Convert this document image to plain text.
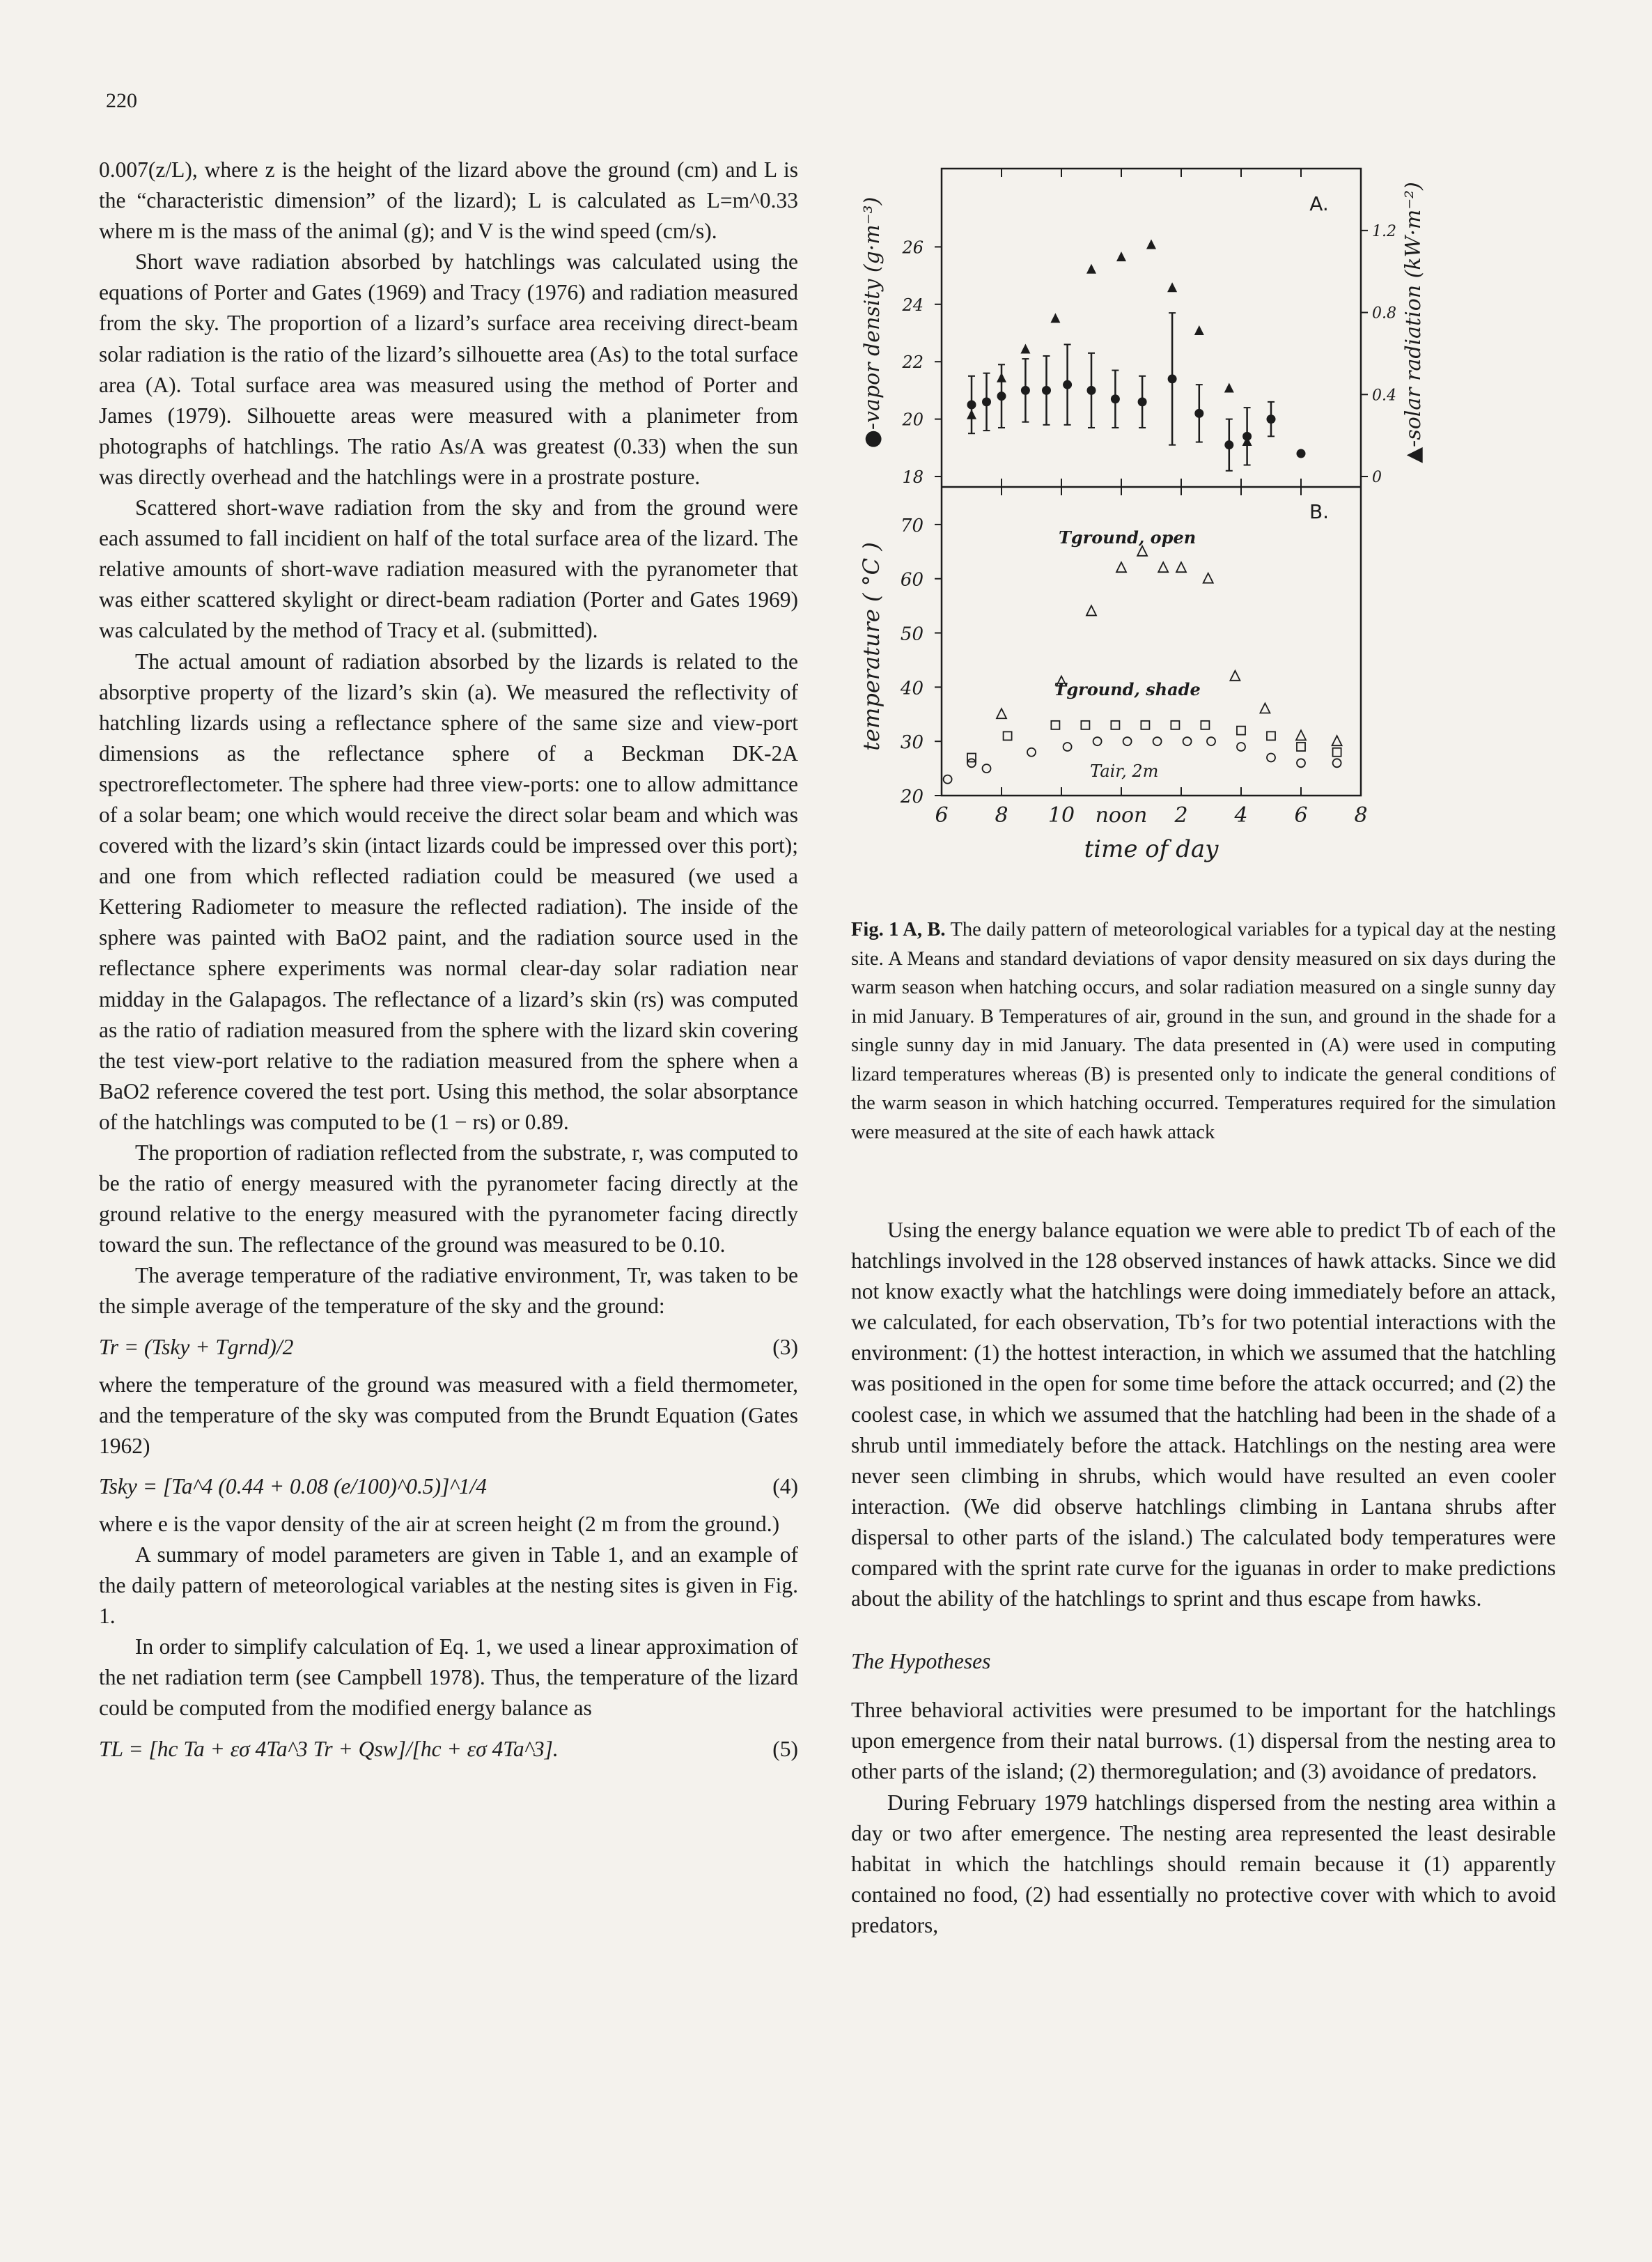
220

0.007(z/L), where z is the height of the lizard above the ground (cm) and L is the “characteristic dimension” of the lizard); L is calculated as L=m^0.33 where m is the mass of the animal (g); and V is the wind speed (cm/s).

Short wave radiation absorbed by hatchlings was calculated using the equations of Porter and Gates (1969) and Tracy (1976) and radiation measured from the sky. The proportion of a lizard’s surface area receiving direct-beam solar radiation is the ratio of the lizard’s silhouette area (As) to the total surface area (A). Total surface area was measured using the method of Porter and James (1979). Silhouette areas were measured with a planimeter from photographs of hatchlings. The ratio As/A was greatest (0.33) when the sun was directly overhead and the hatchlings were in a prostrate posture.

Scattered short-wave radiation from the sky and from the ground were each assumed to fall incidient on half of the total surface area of the lizard. The relative amounts of short-wave radiation measured with the pyranometer that was either scattered skylight or direct-beam radiation (Porter and Gates 1969) was calculated by the method of Tracy et al. (submitted).

The actual amount of radiation absorbed by the lizards is related to the absorptive property of the lizard’s skin (a). We measured the reflectivity of hatchling lizards using a reflectance sphere of the same size and view-port dimensions as the reflectance sphere of a Beckman DK-2A spectroreflectometer. The sphere had three view-ports: one to allow admittance of a solar beam; one which would receive the direct solar beam and which was covered with the lizard’s skin (intact lizards could be impressed over this port); and one from which reflected radiation could be measured (we used a Kettering Radiometer to measure the reflected radiation). The inside of the sphere was painted with BaO2 paint, and the radiation source used in the reflectance sphere experiments was normal clear-day solar radiation near midday in the Galapagos. The reflectance of a lizard’s skin (rs) was computed as the ratio of radiation measured from the sphere with the lizard skin covering the test view-port relative to the radiation measured from the sphere when a BaO2 reference covered the test port. Using this method, the solar absorptance of the hatchlings was computed to be (1 − rs) or 0.89.

The proportion of radiation reflected from the substrate, r, was computed to be the ratio of energy measured with the pyranometer facing directly at the ground relative to the energy measured with the pyranometer facing directly toward the sun. The reflectance of the ground was measured to be 0.10.

The average temperature of the radiative environment, Tr, was taken to be the simple average of the temperature of the sky and the ground:

Tr = (Tsky + Tgrnd)/2	(3)

where the temperature of the ground was measured with a field thermometer, and the temperature of the sky was computed from the Brundt Equation (Gates 1962)

Tsky = [Ta^4 (0.44 + 0.08 (e/100)^0.5)]^1/4	(4)

where e is the vapor density of the air at screen height (2 m from the ground.)

A summary of model parameters are given in Table 1, and an example of the daily pattern of meteorological variables at the nesting sites is given in Fig. 1.

In order to simplify calculation of Eq. 1, we used a linear approximation of the net radiation term (see Campbell 1978). Thus, the temperature of the lizard could be computed from the modified energy balance as

TL = [hc Ta + εσ 4Ta^3 Tr + Qsw]/[hc + εσ 4Ta^3].	(5)
6 8 10 noon 2 4 6 8
time of day
18
20
22
24
26
0
0.4
0.8
1.2
A.
●-vapor density (g·m⁻³)	▲-solar radiation (kW·m⁻²)
20
30
40
50
60
70
B.
temperature ( °C )
Tground, open
Tground, shade
Tair, 2m
Fig. 1 A, B. The daily pattern of meteorological variables for a typical day at the nesting site. A Means and standard deviations of vapor density measured on six days during the warm season when hatching occurs, and solar radiation measured on a single sunny day in mid January. B Temperatures of air, ground in the sun, and ground in the shade for a single sunny day in mid January. The data presented in (A) were used in computing lizard temperatures whereas (B) is presented only to indicate the general conditions of the warm season in which hatching occurred. Temperatures required for the simulation were measured at the site of each hawk attack

Using the energy balance equation we were able to predict Tb of each of the hatchlings involved in the 128 observed instances of hawk attacks. Since we did not know exactly what the hatchlings were doing immediately before an attack, we calculated, for each observation, Tb’s for two potential interactions with the environment: (1) the hottest interaction, in which we assumed that the hatchling was positioned in the open for some time before the attack occurred; and (2) the coolest case, in which we assumed that the hatchling had been in the shade of a shrub until immediately before the attack. Hatchlings on the nesting area were never seen climbing in shrubs, which would have resulted an even cooler interaction. (We did observe hatchlings climbing in Lantana shrubs after dispersal to other parts of the island.) The calculated body temperatures were compared with the sprint rate curve for the iguanas in order to make predictions about the ability of the hatchlings to sprint and thus escape from hawks.

The Hypotheses

Three behavioral activities were presumed to be important for the hatchlings upon emergence from their natal burrows. (1) dispersal from the nesting area to other parts of the island; (2) thermoregulation; and (3) avoidance of predators.

During February 1979 hatchlings dispersed from the nesting area within a day or two after emergence. The nesting area represented the least desirable habitat in which the hatchlings should remain because it (1) apparently contained no food, (2) had essentially no protective cover with which to avoid predators,
